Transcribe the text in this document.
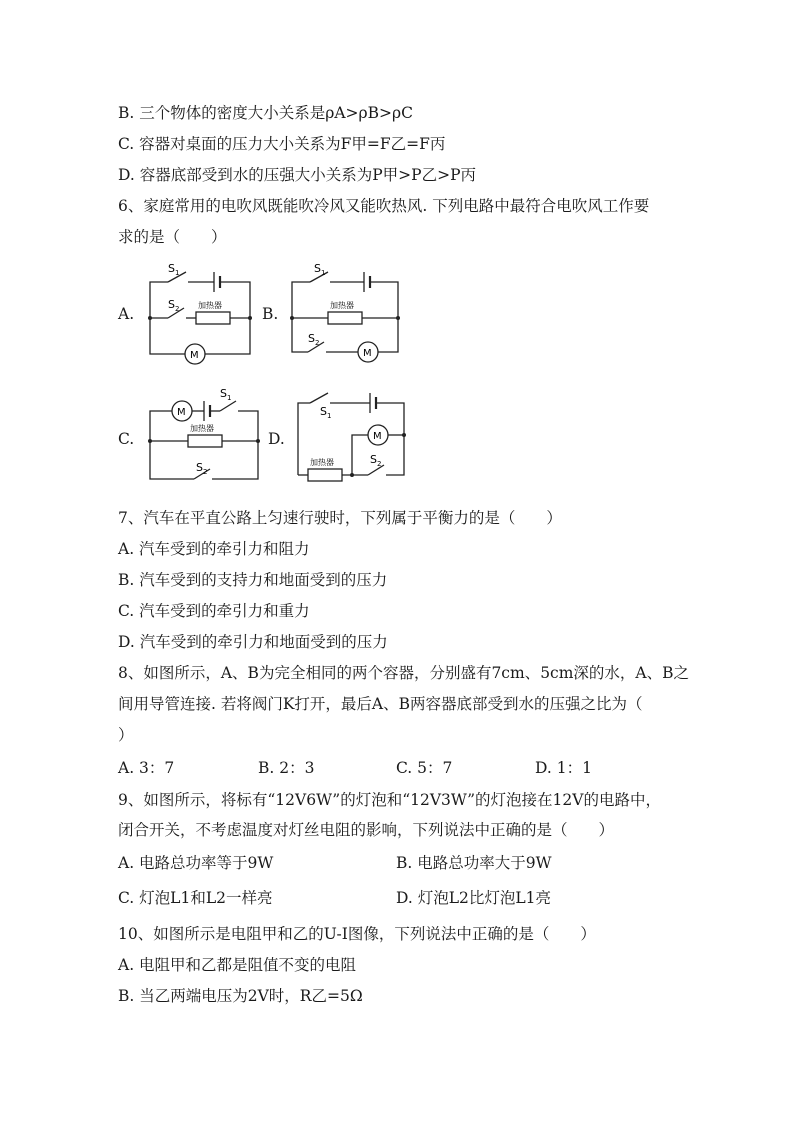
B. 三个物体的密度大小关系是ρA>ρB>ρC
C. 容器对桌面的压力大小关系为F甲=F乙=F丙
D. 容器底部受到水的压强大小关系为P甲>P乙>P丙
6、家庭常用的电吹风既能吹冷风又能吹热风. 下列电路中最符合电吹风工作要
求的是（　　）
A.	B.
C.	D.
$S_1$
$S_2$ 加热器
M
$S_1$
$S_2$
加热器
M
$S_1$
$S_2$
加热器
M	$S_1$
$S_2$
加热器
M
7、汽车在平直公路上匀速行驶时，下列属于平衡力的是（　　）
A. 汽车受到的牵引力和阻力
B. 汽车受到的支持力和地面受到的压力
C. 汽车受到的牵引力和重力
D. 汽车受到的牵引力和地面受到的压力
8、如图所示，A、B为完全相同的两个容器，分别盛有7cm、5cm深的水，A、B之
间用导管连接. 若将阀门K打开，最后A、B两容器底部受到水的压强之比为（
）
A. 3：7	B. 2：3	C. 5：7	D. 1：1
9、如图所示，将标有“12V6W”的灯泡和“12V3W”的灯泡接在12V的电路中，
闭合开关，不考虑温度对灯丝电阻的影响，下列说法中正确的是（　　）
A. 电路总功率等于9W	B. 电路总功率大于9W
C. 灯泡L1和L2一样亮	D. 灯泡L2比灯泡L1亮
10、如图所示是电阻甲和乙的U-I图像，下列说法中正确的是（　　）
A. 电阻甲和乙都是阻值不变的电阻
B. 当乙两端电压为2V时，R乙=5Ω
